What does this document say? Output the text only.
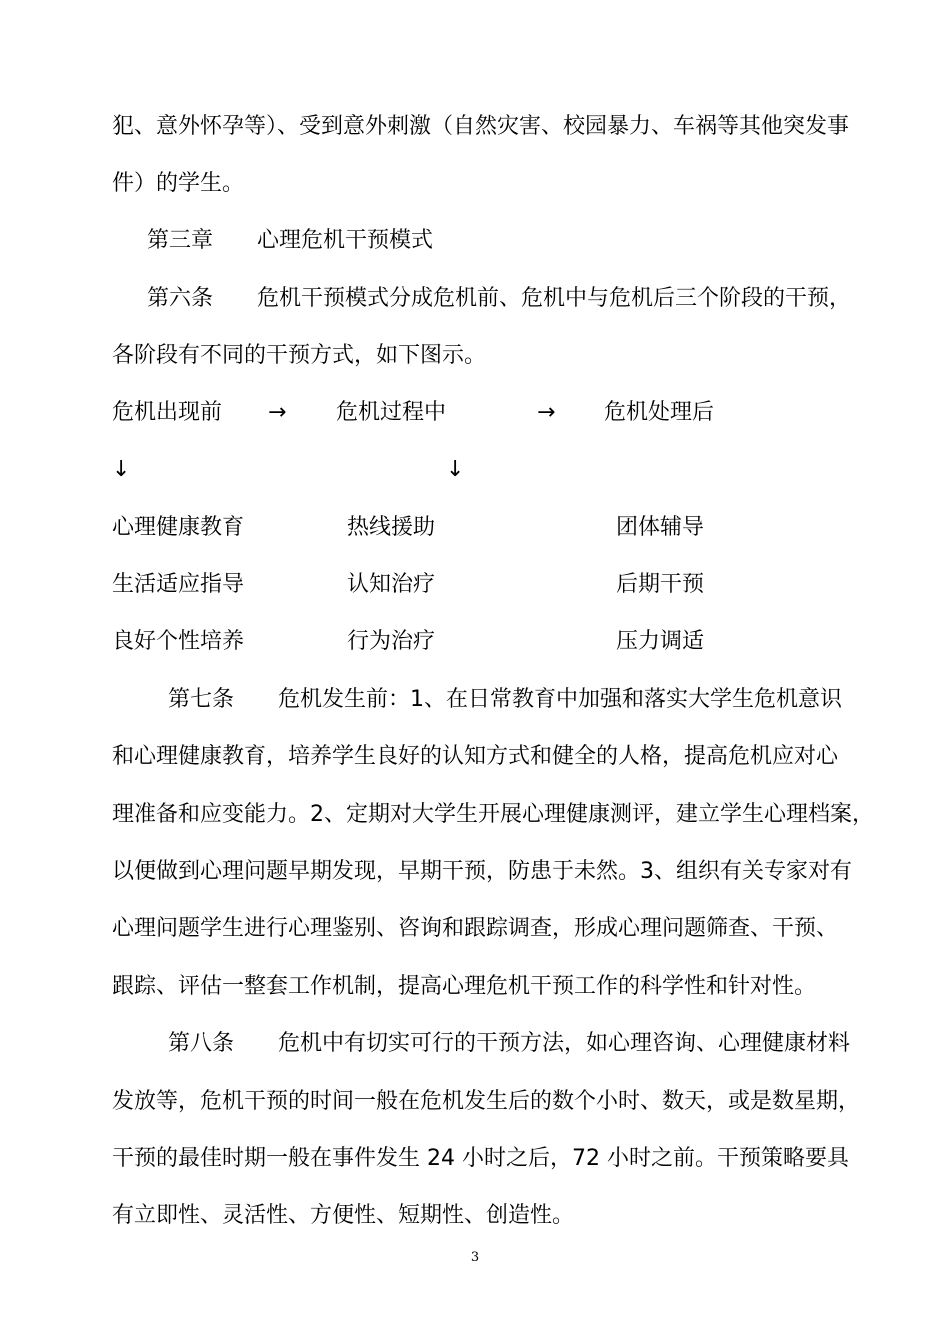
犯、意外怀孕等）、受到意外刺激（自然灾害、校园暴力、车祸等其他突发事
件）的学生。
第三章 心理危机干预模式
第六条 危机干预模式分成危机前、危机中与危机后三个阶段的干预，
各阶段有不同的干预方式，如下图示。
危机出现前 → 危机过程中	→ 危机处理后
↓	↓
心理健康教育	热线援助	团体辅导
生活适应指导	认知治疗	后期干预
良好个性培养	行为治疗	压力调适
第七条 危机发生前：1、在日常教育中加强和落实大学生危机意识
和心理健康教育，培养学生良好的认知方式和健全的人格，提高危机应对心
理准备和应变能力。2、定期对大学生开展心理健康测评，建立学生心理档案，
以便做到心理问题早期发现，早期干预，防患于未然。3、组织有关专家对有
心理问题学生进行心理鉴别、咨询和跟踪调查，形成心理问题筛查、干预、
跟踪、评估一整套工作机制，提高心理危机干预工作的科学性和针对性。
第八条 危机中有切实可行的干预方法，如心理咨询、心理健康材料
发放等，危机干预的时间一般在危机发生后的数个小时、数天，或是数星期，
干预的最佳时期一般在事件发生 24 小时之后，72 小时之前。干预策略要具
有立即性、灵活性、方便性、短期性、创造性。
3
